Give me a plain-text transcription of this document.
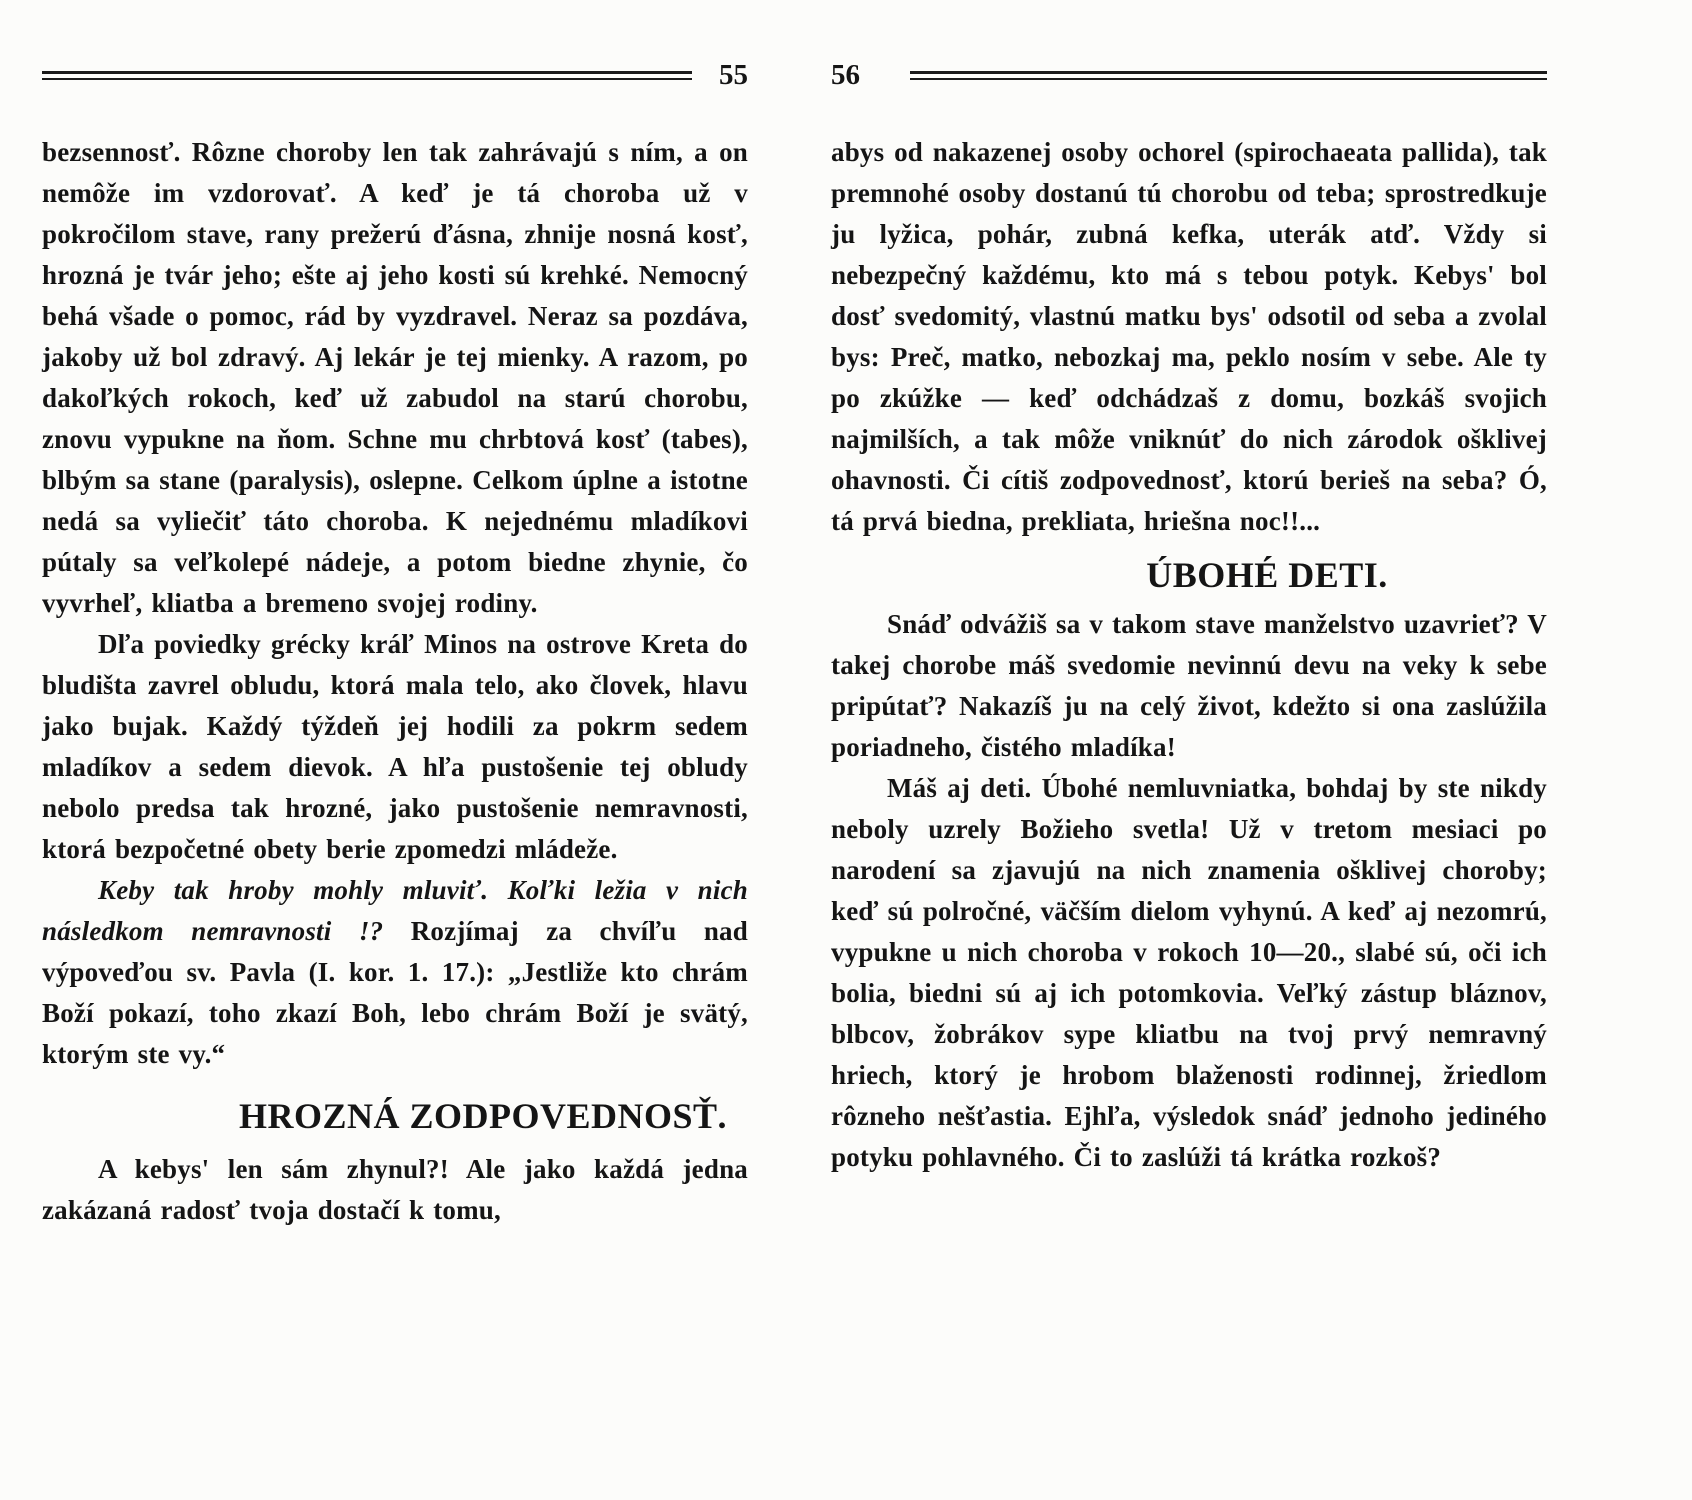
55

bezsennosť. Rôzne choroby len tak zahrávajú s ním, a on nemôže im vzdorovať. A keď je tá choroba už v pokročilom stave, rany prežerú ďásna, zhnije nosná kosť, hrozná je tvár jeho; ešte aj jeho kosti sú krehké. Nemocný behá všade o pomoc, rád by vyzdravel. Neraz sa pozdáva, jakoby už bol zdravý. Aj lekár je tej mienky. A razom, po dakoľkých rokoch, keď už zabudol na starú chorobu, znovu vypukne na ňom. Schne mu chrbtová kosť (tabes), blbým sa stane (paralysis), oslepne. Celkom úplne a istotne nedá sa vyliečiť táto choroba. K nejednému mladíkovi pútaly sa veľkolepé nádeje, a potom biedne zhynie, čo vyvrheľ, kliatba a bremeno svojej rodiny.

Dľa poviedky grécky kráľ Minos na ostrove Kreta do bludišta zavrel obludu, ktorá mala telo, ako človek, hlavu jako bujak. Každý týždeň jej hodili za pokrm sedem mladíkov a sedem dievok. A hľa pustošenie tej obludy nebolo predsa tak hrozné, jako pustošenie nemravnosti, ktorá bezpočetné obety berie zpomedzi mládeže.

Keby tak hroby mohly mluviť. Koľki ležia v nich následkom nemravnosti !? Rozjímaj za chvíľu nad výpoveďou sv. Pavla (I. kor. 1. 17.): „Jestliže kto chrám Boží pokazí, toho zkazí Boh, lebo chrám Boží je svätý, ktorým ste vy.“

HROZNÁ ZODPOVEDNOSŤ.

A kebys' len sám zhynul?! Ale jako každá jedna zakázaná radosť tvoja dostačí k tomu,

56

abys od nakazenej osoby ochorel (spirochaeata pallida), tak premnohé osoby dostanú tú chorobu od teba; sprostredkuje ju lyžica, pohár, zubná kefka, uterák atď. Vždy si nebezpečný každému, kto má s tebou potyk. Kebys' bol dosť svedomitý, vlastnú matku bys' odsotil od seba a zvolal bys: Preč, matko, nebozkaj ma, peklo nosím v sebe. Ale ty po zkúžke — keď odchádzaš z domu, bozkáš svojich najmilších, a tak môže vniknúť do nich zárodok ošklivej ohavnosti. Či cítiš zodpovednosť, ktorú berieš na seba? Ó, tá prvá biedna, prekliata, hriešna noc!!...

ÚBOHÉ DETI.

Snáď odvážiš sa v takom stave manželstvo uzavrieť? V takej chorobe máš svedomie nevinnú devu na veky k sebe pripútať? Nakazíš ju na celý život, kdežto si ona zaslúžila poriadneho, čistého mladíka!

Máš aj deti. Úbohé nemluvniatka, bohdaj by ste nikdy neboly uzrely Božieho svetla! Už v tretom mesiaci po narodení sa zjavujú na nich znamenia ošklivej choroby; keď sú polročné, väčším dielom vyhynú. A keď aj nezomrú, vypukne u nich choroba v rokoch 10—20., slabé sú, oči ich bolia, biedni sú aj ich potomkovia. Veľký zástup bláznov, blbcov, žobrákov sype kliatbu na tvoj prvý nemravný hriech, ktorý je hrobom blaženosti rodinnej, žriedlom rôzneho nešťastia. Ejhľa, výsledok snáď jednoho jediného potyku pohlavného. Či to zaslúži tá krátka rozkoš?
